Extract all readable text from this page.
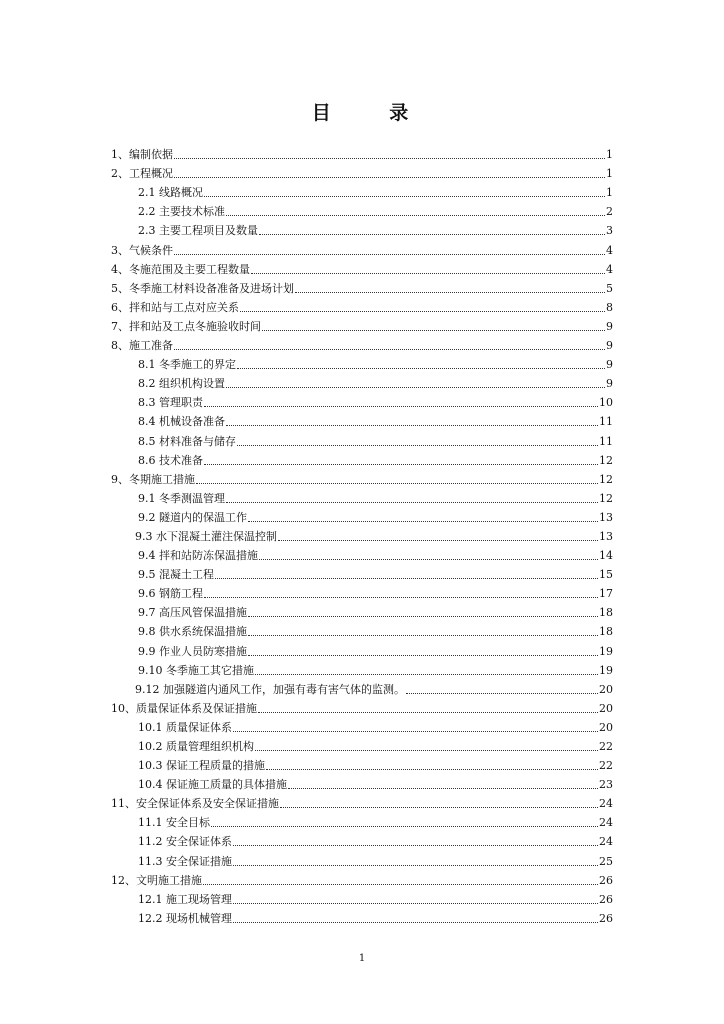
目 录
1、编制依据	1
2、工程概况	1
2.1 线路概况	1
2.2 主要技术标准	2
2.3 主要工程项目及数量	3
3、气候条件	4
4、冬施范围及主要工程数量	4
5、冬季施工材料设备准备及进场计划	5
6、拌和站与工点对应关系	8
7、拌和站及工点冬施验收时间	9
8、施工准备	9
8.1 冬季施工的界定	9
8.2 组织机构设置	9
8.3 管理职责	10
8.4 机械设备准备	11
8.5 材料准备与储存	11
8.6 技术准备	12
9、冬期施工措施	12
9.1 冬季测温管理	12
9.2 隧道内的保温工作	13
9.3 水下混凝土灌注保温控制	13
9.4 拌和站防冻保温措施	14
9.5 混凝土工程	15
9.6 钢筋工程	17
9.7 高压风管保温措施	18
9.8 供水系统保温措施	18
9.9 作业人员防寒措施	19
9.10 冬季施工其它措施	19
9.12 加强隧道内通风工作，加强有毒有害气体的监测。	20
10、质量保证体系及保证措施	20
10.1 质量保证体系	20
10.2 质量管理组织机构	22
10.3 保证工程质量的措施	22
10.4 保证施工质量的具体措施	23
11、安全保证体系及安全保证措施	24
11.1 安全目标	24
11.2 安全保证体系	24
11.3 安全保证措施	25
12、文明施工措施	26
12.1 施工现场管理	26
12.2 现场机械管理	26
1
